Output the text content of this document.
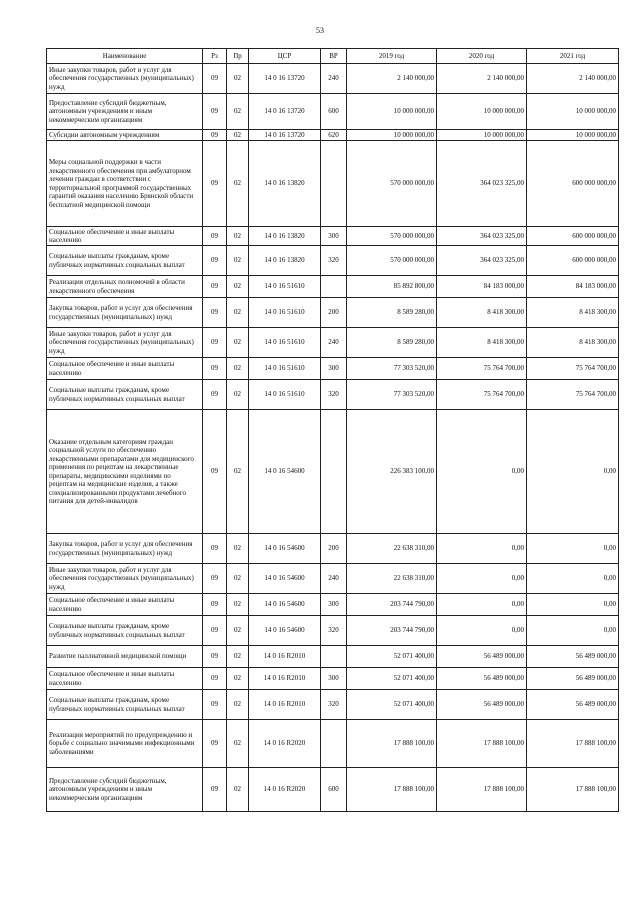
53
Наименование	Рз	Пр	ЦСР	ВР	2019 год	2020 год	2021 год
Иные закупки товаров, работ и услуг для обеспечения государственных (муниципальных) нужд	09	02	14 0 16 13720	240	2 140 000,00	2 140 000,00	2 140 000,00
Предоставление субсидий бюджетным, автономным учреждениям и иным некоммерческим организациям	09	02	14 0 16 13720	600	10 000 000,00	10 000 000,00	10 000 000,00
Субсидии автономным учреждениям	09	02	14 0 16 13720	620	10 000 000,00	10 000 000,00	10 000 000,00
Меры социальной поддержки в части лекарственного обеспечения при амбулаторном лечении граждан в соответствии с территориальной программой государственных гарантий оказания населению Брянской области бесплатной медицинской помощи	09	02	14 0 16 13820		570 000 000,00	364 023 325,00	600 000 000,00
Социальное обеспечение и иные выплаты населению	09	02	14 0 16 13820	300	570 000 000,00	364 023 325,00	600 000 000,00
Социальные выплаты гражданам, кроме публичных нормативных социальных выплат	09	02	14 0 16 13820	320	570 000 000,00	364 023 325,00	600 000 000,00
Реализация отдельных полномочий в области лекарственного обеспечения	09	02	14 0 16 51610		85 892 800,00	84 183 000,00	84 183 000,00
Закупка товаров, работ и услуг для обеспечения государственных (муниципальных) нужд	09	02	14 0 16 51610	200	8 589 280,00	8 418 300,00	8 418 300,00
Иные закупки товаров, работ и услуг для обеспечения государственных (муниципальных) нужд	09	02	14 0 16 51610	240	8 589 280,00	8 418 300,00	8 418 300,00
Социальное обеспечение и иные выплаты населению	09	02	14 0 16 51610	300	77 303 520,00	75 764 700,00	75 764 700,00
Социальные выплаты гражданам, кроме публичных нормативных социальных выплат	09	02	14 0 16 51610	320	77 303 520,00	75 764 700,00	75 764 700,00
Оказание отдельным категориям граждан социальной услуги по обеспечению лекарственными препаратами для медицинского применения по рецептам на лекарственные препараты, медицинскими изделиями по рецептам на медицинские изделия, а также специализированными продуктами лечебного питания для детей-инвалидов	09	02	14 0 16 54600		226 383 100,00	0,00	0,00
Закупка товаров, работ и услуг для обеспечения государственных (муниципальных) нужд	09	02	14 0 16 54600	200	22 638 310,00	0,00	0,00
Иные закупки товаров, работ и услуг для обеспечения государственных (муниципальных) нужд	09	02	14 0 16 54600	240	22 638 310,00	0,00	0,00
Социальное обеспечение и иные выплаты населению	09	02	14 0 16 54600	300	203 744 790,00	0,00	0,00
Социальные выплаты гражданам, кроме публичных нормативных социальных выплат	09	02	14 0 16 54600	320	203 744 790,00	0,00	0,00
Развитие паллиативной медицинской помощи	09	02	14 0 16 R2010		52 071 400,00	56 489 000,00	56 489 000,00
Социальное обеспечение и иные выплаты населению	09	02	14 0 16 R2010	300	52 071 400,00	56 489 000,00	56 489 000,00
Социальные выплаты гражданам, кроме публичных нормативных социальных выплат	09	02	14 0 16 R2010	320	52 071 400,00	56 489 000,00	56 489 000,00
Реализация мероприятий по предупреждению и борьбе с социально значимыми инфекционными заболеваниями	09	02	14 0 16 R2020		17 888 100,00	17 888 100,00	17 888 100,00
Предоставление субсидий бюджетным, автономным учреждениям и иным некоммерческим организациям	09	02	14 0 16 R2020	600	17 888 100,00	17 888 100,00	17 888 100,00
